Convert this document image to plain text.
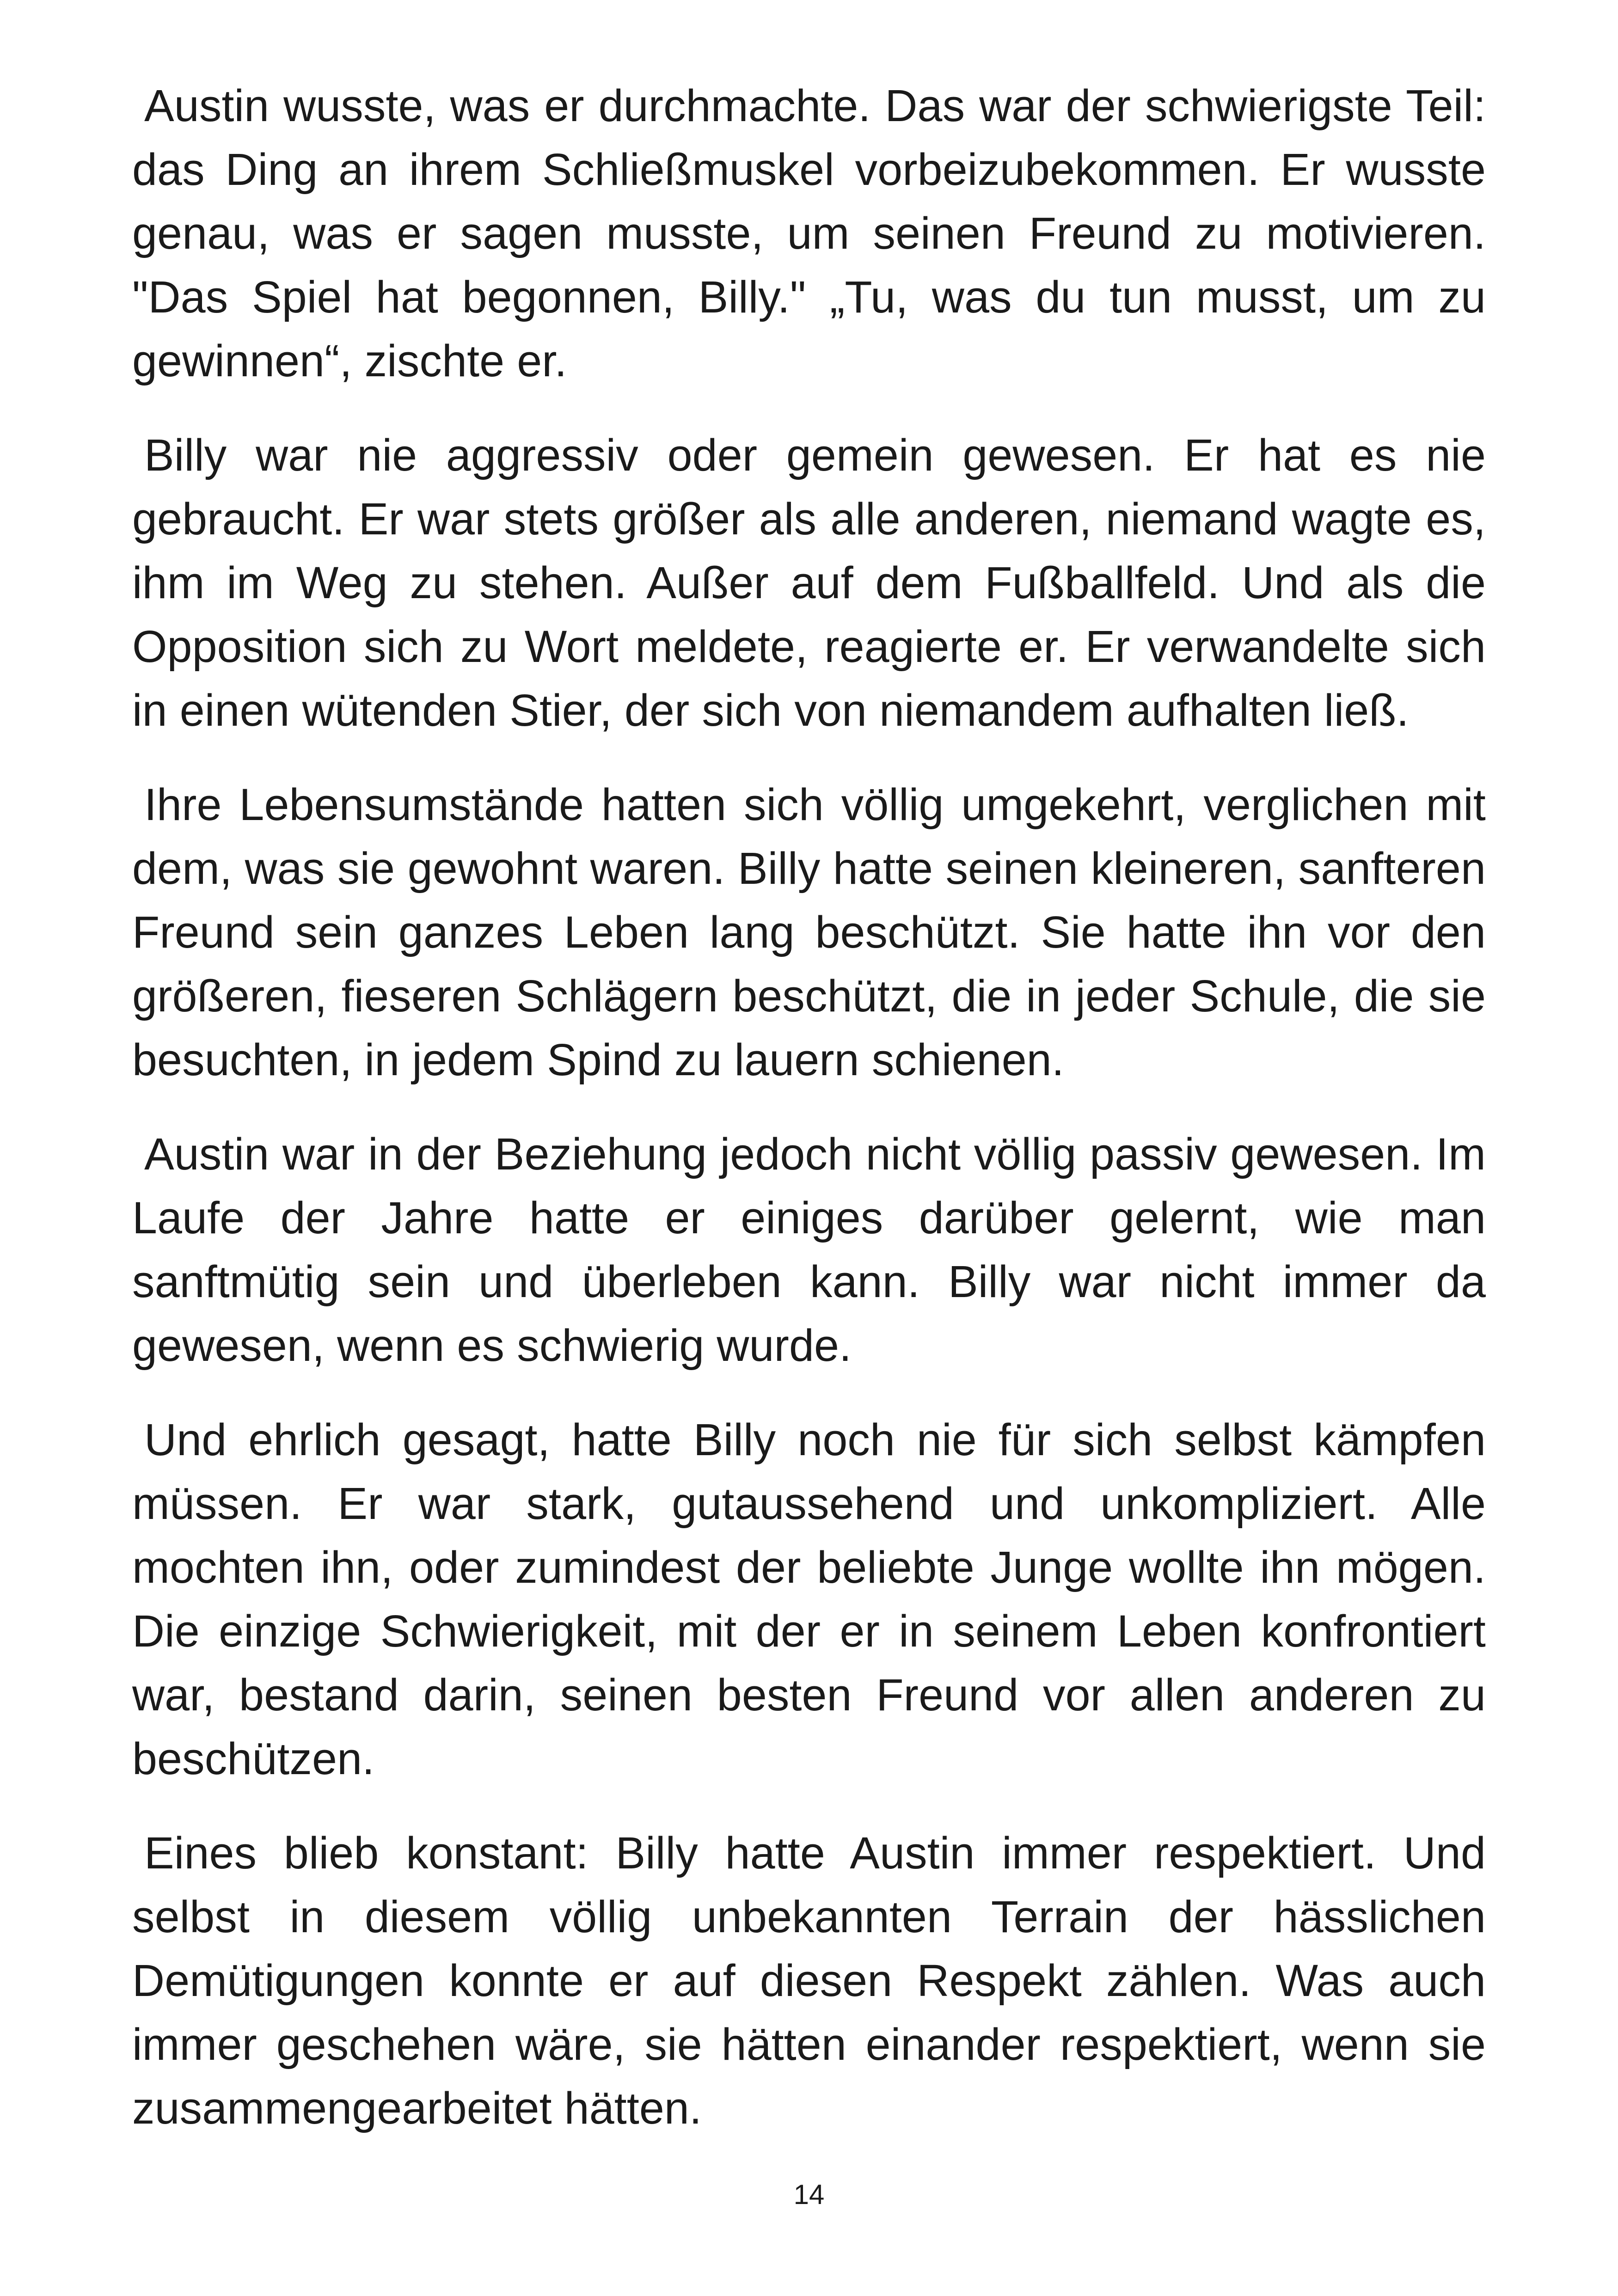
Austin wusste, was er durchmachte. Das war der schwierigste Teil: das Ding an ihrem Schließmuskel vorbeizubekommen. Er wusste genau, was er sagen musste, um seinen Freund zu motivieren. "Das Spiel hat begonnen, Billy." „Tu, was du tun musst, um zu gewinnen“, zischte er.

Billy war nie aggressiv oder gemein gewesen. Er hat es nie gebraucht. Er war stets größer als alle anderen, niemand wagte es, ihm im Weg zu stehen. Außer auf dem Fußballfeld. Und als die Opposition sich zu Wort meldete, reagierte er. Er verwandelte sich in einen wütenden Stier, der sich von niemandem aufhalten ließ.

Ihre Lebensumstände hatten sich völlig umgekehrt, verglichen mit dem, was sie gewohnt waren. Billy hatte seinen kleineren, sanfteren Freund sein ganzes Leben lang beschützt. Sie hatte ihn vor den größeren, fieseren Schlägern beschützt, die in jeder Schule, die sie besuchten, in jedem Spind zu lauern schienen.

Austin war in der Beziehung jedoch nicht völlig passiv gewesen. Im Laufe der Jahre hatte er einiges darüber gelernt, wie man sanftmütig sein und überleben kann. Billy war nicht immer da gewesen, wenn es schwierig wurde.

Und ehrlich gesagt, hatte Billy noch nie für sich selbst kämpfen müssen. Er war stark, gutaussehend und unkompliziert. Alle mochten ihn, oder zumindest der beliebte Junge wollte ihn mögen. Die einzige Schwierigkeit, mit der er in seinem Leben konfrontiert war, bestand darin, seinen besten Freund vor allen anderen zu beschützen.

Eines blieb konstant: Billy hatte Austin immer respektiert. Und selbst in diesem völlig unbekannten Terrain der hässlichen Demütigungen konnte er auf diesen Respekt zählen. Was auch immer geschehen wäre, sie hätten einander respektiert, wenn sie zusammengearbeitet hätten.

14
